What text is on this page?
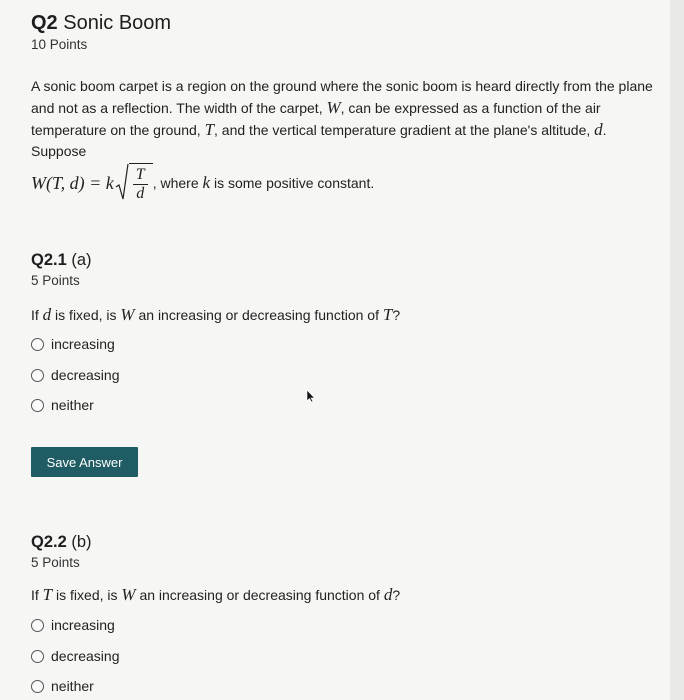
Q2 Sonic Boom
10 Points
A sonic boom carpet is a region on the ground where the sonic boom is heard directly from the plane and not as a reflection. The width of the carpet, W, can be expressed as a function of the air temperature on the ground, T, and the vertical temperature gradient at the plane's altitude, d. Suppose
W(T, d) = k $\frac{T}{d}$ , where k is some positive constant.
Q2.1 (a)
5 Points
If d is fixed, is W an increasing or decreasing function of T?
increasing
decreasing
neither
Save Answer
Q2.2 (b)
5 Points
If T is fixed, is W an increasing or decreasing function of d?
increasing
decreasing
neither
